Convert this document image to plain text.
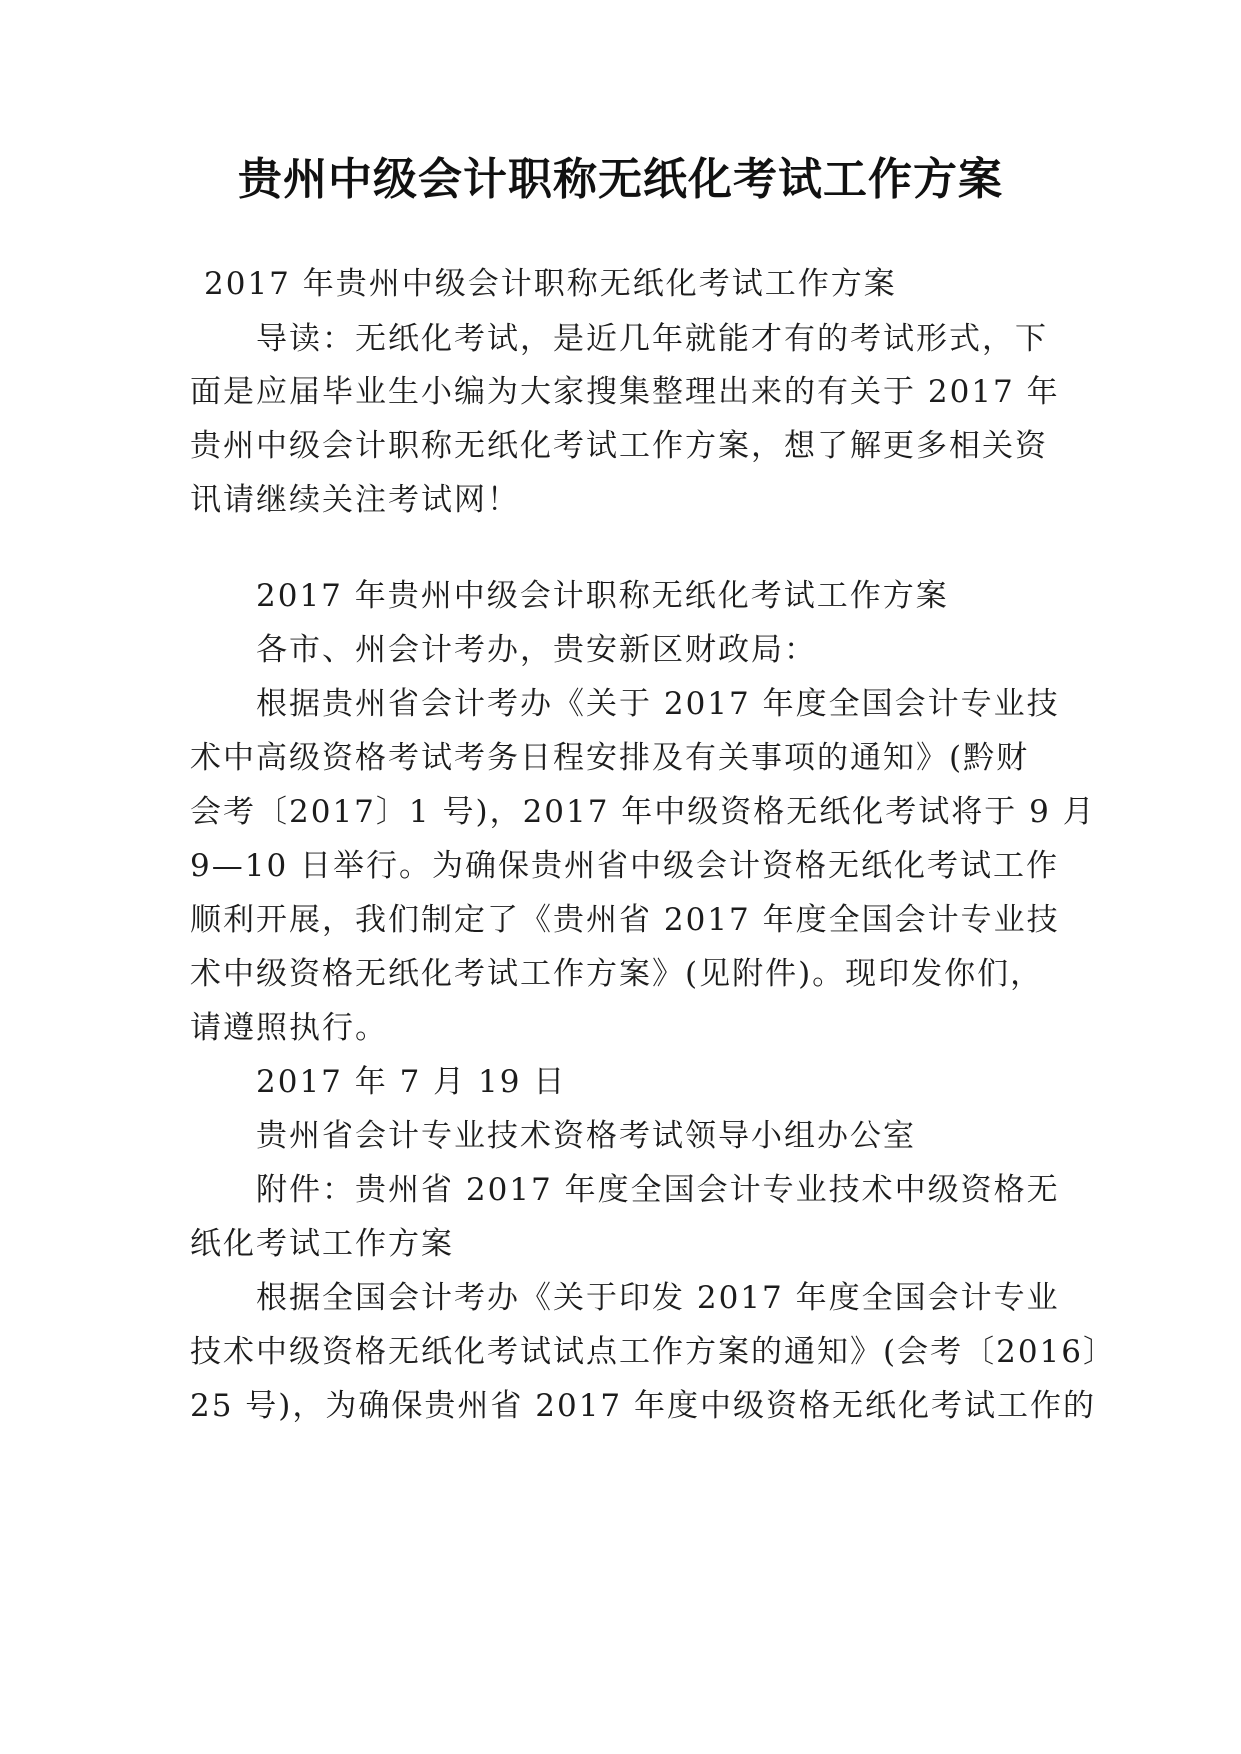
贵州中级会计职称无纸化考试工作方案
2017 年贵州中级会计职称无纸化考试工作方案
导读：无纸化考试，是近几年就能才有的考试形式，下
面是应届毕业生小编为大家搜集整理出来的有关于 2017 年
贵州中级会计职称无纸化考试工作方案，想了解更多相关资
讯请继续关注考试网！
2017 年贵州中级会计职称无纸化考试工作方案
各市、州会计考办，贵安新区财政局：
根据贵州省会计考办《关于 2017 年度全国会计专业技
术中高级资格考试考务日程安排及有关事项的通知》(黔财
会考〔2017〕1 号)，2017 年中级资格无纸化考试将于 9 月
9—10 日举行。为确保贵州省中级会计资格无纸化考试工作
顺利开展，我们制定了《贵州省 2017 年度全国会计专业技
术中级资格无纸化考试工作方案》(见附件)。现印发你们，
请遵照执行。
2017 年 7 月 19 日
贵州省会计专业技术资格考试领导小组办公室
附件：贵州省 2017 年度全国会计专业技术中级资格无
纸化考试工作方案
根据全国会计考办《关于印发 2017 年度全国会计专业
技术中级资格无纸化考试试点工作方案的通知》(会考〔2016〕
25 号)，为确保贵州省 2017 年度中级资格无纸化考试工作的
